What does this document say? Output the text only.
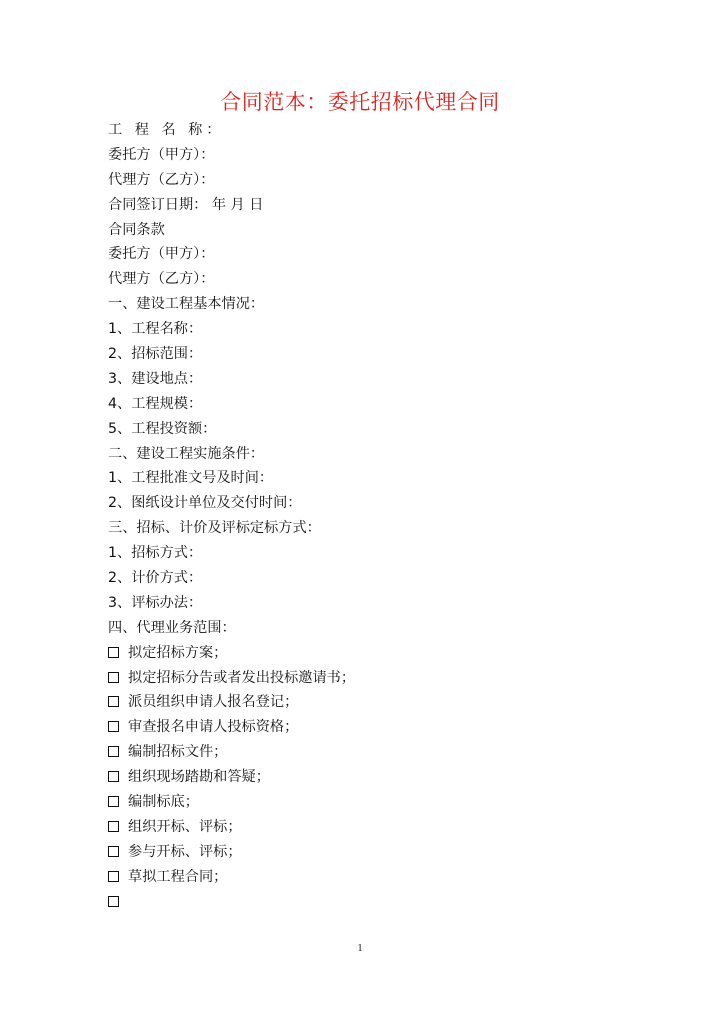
合同范本：委托招标代理合同
工 程 名 称：
委托方（甲方）：
代理方（乙方）：
合同签订日期： 年 月 日
合同条款
委托方（甲方）：
代理方（乙方）：
一、建设工程基本情况：
1、工程名称：
2、招标范围：
3、建设地点：
4、工程规模：
5、工程投资额：
二、建设工程实施条件：
1、工程批准文号及时间：
2、图纸设计单位及交付时间：
三、招标、计价及评标定标方式：
1、招标方式：
2、计价方式：
3、评标办法：
四、代理业务范围：
拟定招标方案；
拟定招标分告或者发出投标邀请书；
派员组织申请人报名登记；
审查报名申请人投标资格；
编制招标文件；
组织现场踏勘和答疑；
编制标底；
组织开标、评标；
参与开标、评标；
草拟工程合同；
1
